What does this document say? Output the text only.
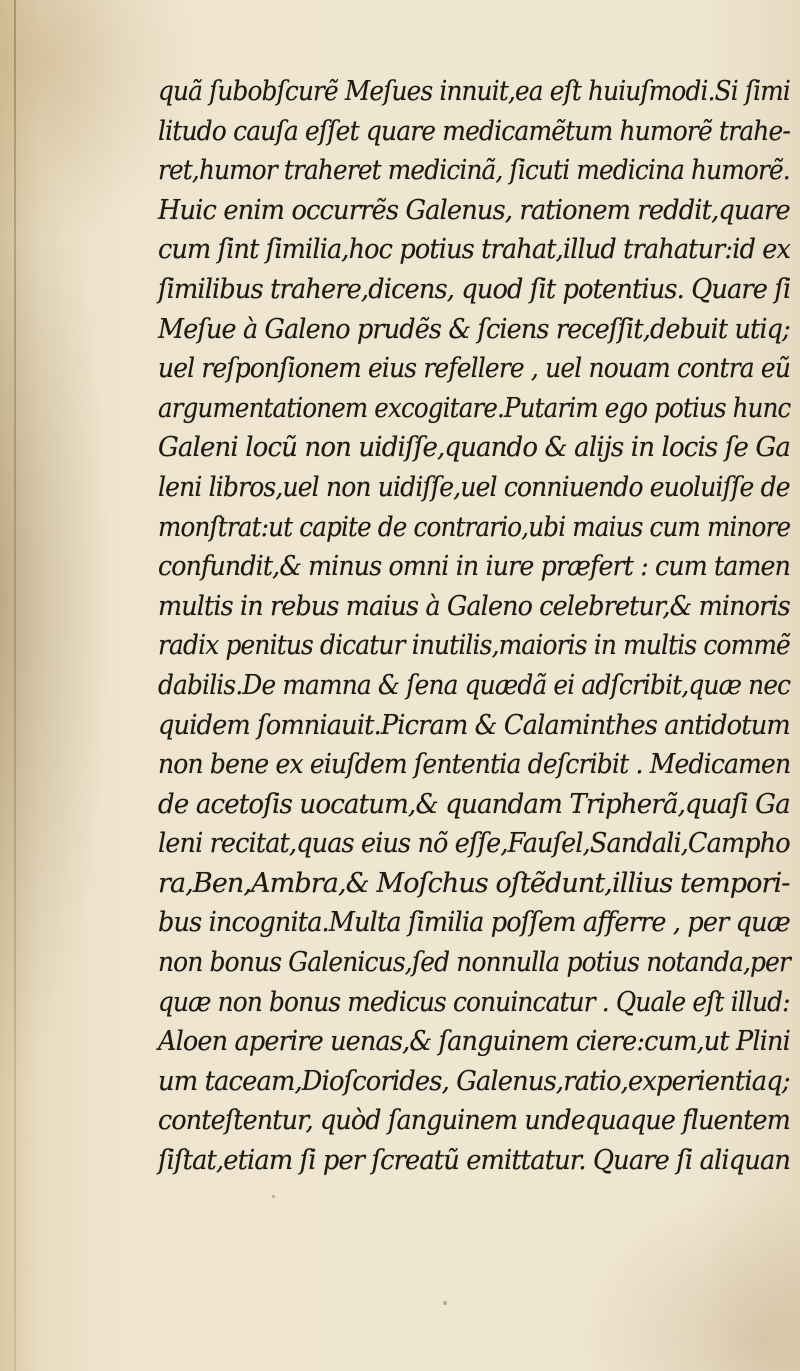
quã ſubobſcurẽ Meſues innuit,ea eſt huiuſmodi.Si ſimi
litudo cauſa eſſet quare medicamẽtum humorẽ trahe-
ret,humor traheret medicinã, ſicuti medicina humorẽ.
Huic enim occurrẽs Galenus, rationem reddit,quare
cum ſint ſimilia,hoc potius trahat,illud trahatur:id ex
ſimilibus trahere,dicens, quod ſit potentius. Quare ſi
Meſue à Galeno prudẽs & ſciens receſſit,debuit utiq;
uel reſponſionem eius refellere , uel nouam contra eũ
argumentationem excogitare.Putarim ego potius hunc
Galeni locũ non uidiſſe,quando & alijs in locis ſe Ga
leni libros,uel non uidiſſe,uel conniuendo euoluiſſe de
monſtrat:ut capite de contrario,ubi maius cum minore
confundit,& minus omni in iure præfert : cum tamen
multis in rebus maius à Galeno celebretur,& minoris
radix penitus dicatur inutilis,maioris in multis commẽ
dabilis.De mamna & ſena quædã ei adſcribit,quæ nec
quidem ſomniauit.Picram & Calaminthes antidotum
non bene ex eiuſdem ſententia deſcribit . Medicamen
de acetoſis uocatum,& quandam Tripherã,quaſi Ga
leni recitat,quas eius nõ eſſe,Fauſel,Sandali,Campho
ra,Ben,Ambra,& Moſchus oſtẽdunt,illius tempori-
bus incognita.Multa ſimilia poſſem afferre , per quæ
non bonus Galenicus,ſed nonnulla potius notanda,per
quæ non bonus medicus conuincatur . Quale eſt illud:
Aloen aperire uenas,& ſanguinem ciere:cum,ut Plini
um taceam,Dioſcorides, Galenus,ratio,experientiaq;
conteſtentur, quòd ſanguinem undequaque fluentem
ſiſtat,etiam ſi per ſcreatũ emittatur. Quare ſi aliquan
